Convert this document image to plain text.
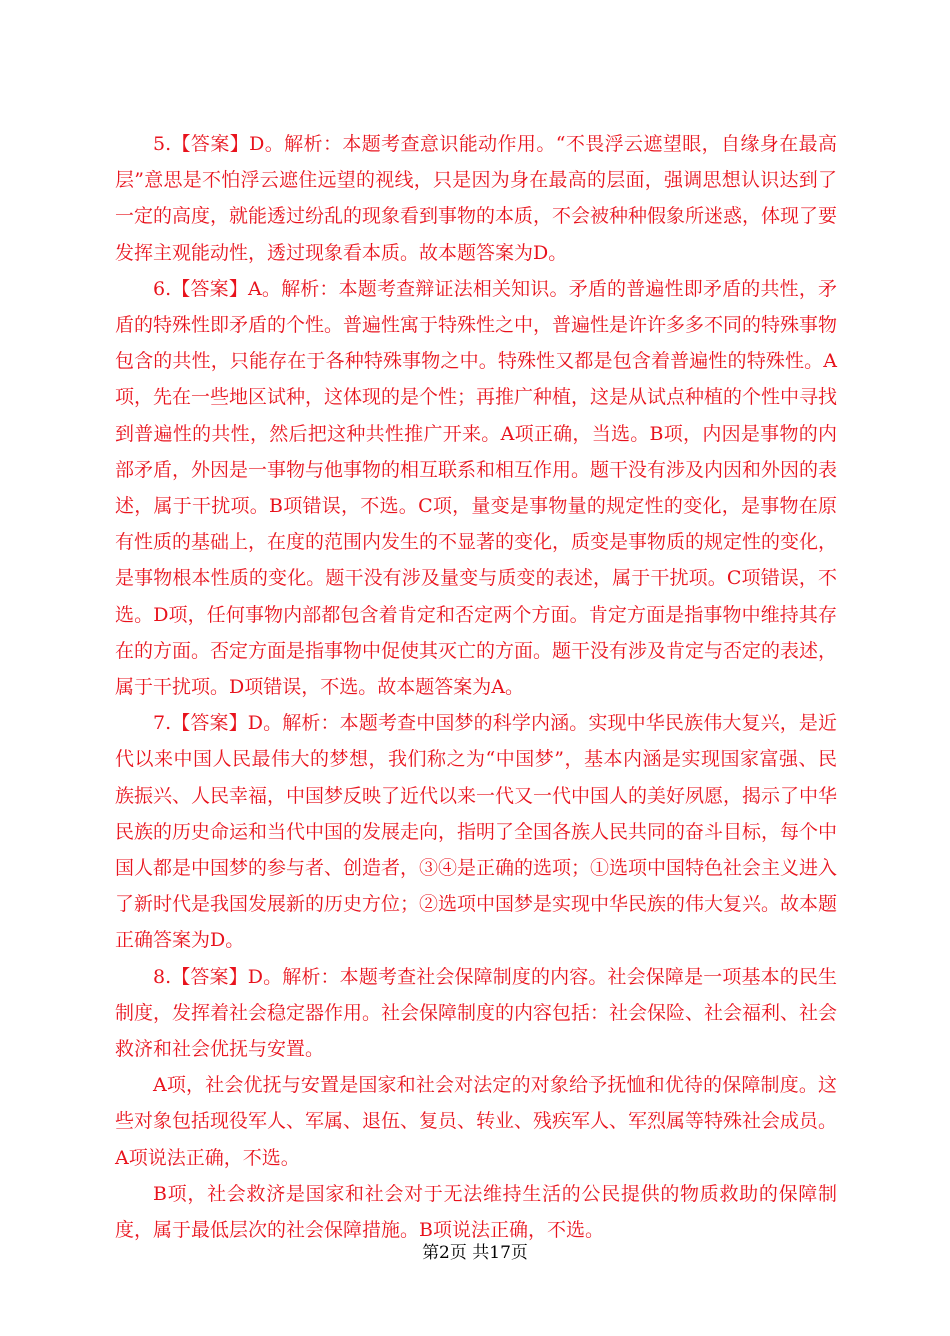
5.【答案】D。解析：本题考查意识能动作用。“不畏浮云遮望眼，自缘身在最高层”意思是不怕浮云遮住远望的视线，只是因为身在最高的层面，强调思想认识达到了一定的高度，就能透过纷乱的现象看到事物的本质，不会被种种假象所迷惑，体现了要发挥主观能动性，透过现象看本质。故本题答案为D。

6.【答案】A。解析：本题考查辩证法相关知识。矛盾的普遍性即矛盾的共性，矛盾的特殊性即矛盾的个性。普遍性寓于特殊性之中，普遍性是许许多多不同的特殊事物包含的共性，只能存在于各种特殊事物之中。特殊性又都是包含着普遍性的特殊性。A项，先在一些地区试种，这体现的是个性；再推广种植，这是从试点种植的个性中寻找到普遍性的共性，然后把这种共性推广开来。A项正确，当选。B项，内因是事物的内部矛盾，外因是一事物与他事物的相互联系和相互作用。题干没有涉及内因和外因的表述，属于干扰项。B项错误，不选。C项，量变是事物量的规定性的变化，是事物在原有性质的基础上，在度的范围内发生的不显著的变化，质变是事物质的规定性的变化，是事物根本性质的变化。题干没有涉及量变与质变的表述，属于干扰项。C项错误，不选。D项，任何事物内部都包含着肯定和否定两个方面。肯定方面是指事物中维持其存在的方面。否定方面是指事物中促使其灭亡的方面。题干没有涉及肯定与否定的表述，属于干扰项。D项错误，不选。故本题答案为A。

7.【答案】D。解析：本题考查中国梦的科学内涵。实现中华民族伟大复兴，是近代以来中国人民最伟大的梦想，我们称之为“中国梦”，基本内涵是实现国家富强、民族振兴、人民幸福，中国梦反映了近代以来一代又一代中国人的美好夙愿，揭示了中华民族的历史命运和当代中国的发展走向，指明了全国各族人民共同的奋斗目标，每个中国人都是中国梦的参与者、创造者，③④是正确的选项；①选项中国特色社会主义进入了新时代是我国发展新的历史方位；②选项中国梦是实现中华民族的伟大复兴。故本题正确答案为D。

8.【答案】D。解析：本题考查社会保障制度的内容。社会保障是一项基本的民生制度，发挥着社会稳定器作用。社会保障制度的内容包括：社会保险、社会福利、社会救济和社会优抚与安置。

A项，社会优抚与安置是国家和社会对法定的对象给予抚恤和优待的保障制度。这些对象包括现役军人、军属、退伍、复员、转业、残疾军人、军烈属等特殊社会成员。A项说法正确，不选。

B项，社会救济是国家和社会对于无法维持生活的公民提供的物质救助的保障制度，属于最低层次的社会保障措施。B项说法正确，不选。

第2页 共17页
